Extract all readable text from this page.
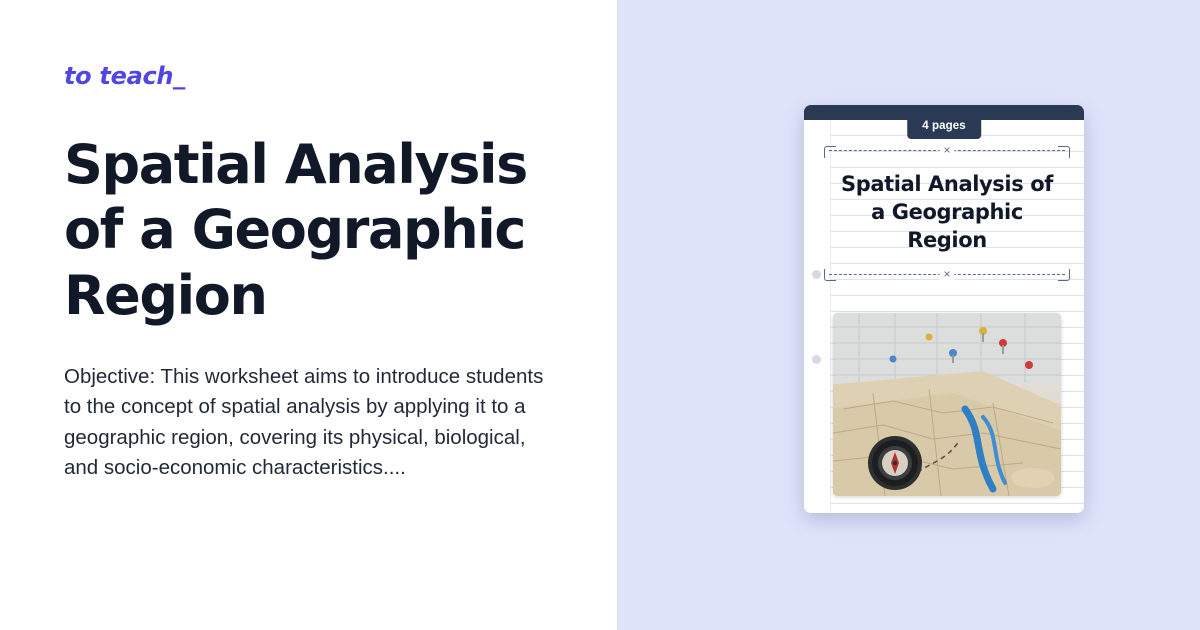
to teach_
Spatial Analysis of a Geographic Region

Objective: This worksheet aims to introduce students to the concept of spatial analysis by applying it to a geographic region, covering its physical, biological, and socio-economic characteristics....

4 pages
×
Spatial Analysis of a Geographic Region
×
